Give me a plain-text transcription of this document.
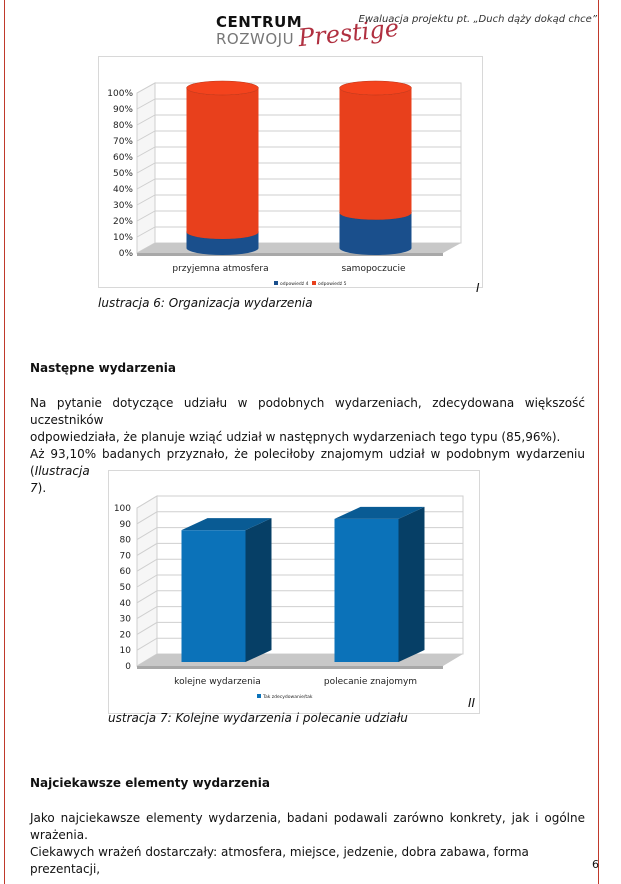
CENTRUM
ROZWOJU Prestige
Ewaluacja projektu pt. „Duch dąży dokąd chce”
0%
10%
20%
30%
40%
50%
60%
70%
80%
90%
100%
przyjemna atmosfera	samopoczucie
odpowiedź 4 odpowiedź 5	I
lustracja 6: Organizacja wydarzenia
Następne wydarzenia
Na pytanie dotyczące udziału w podobnych wydarzeniach, zdecydowana większość uczestników
odpowiedziała, że planuje wziąć udział w następnych wydarzeniach tego typu (85,96%).
Aż 93,10% badanych przyznało, że poleciłoby znajomym udział w podobnym wydarzeniu (Ilustracja
7).
0
10
20
30
40
50
60
70
80
90
100
kolejne wydarzenia	polecanie znajomym
Tak zdecydowanie/tak	II
ustracja 7: Kolejne wydarzenia i polecanie udziału
Najciekawsze elementy wydarzenia
Jako najciekawsze elementy wydarzenia, badani podawali zarówno konkrety, jak i ogólne wrażenia.
Ciekawych wrażeń dostarczały: atmosfera, miejsce, jedzenie, dobra zabawa, forma prezentacji,	6
